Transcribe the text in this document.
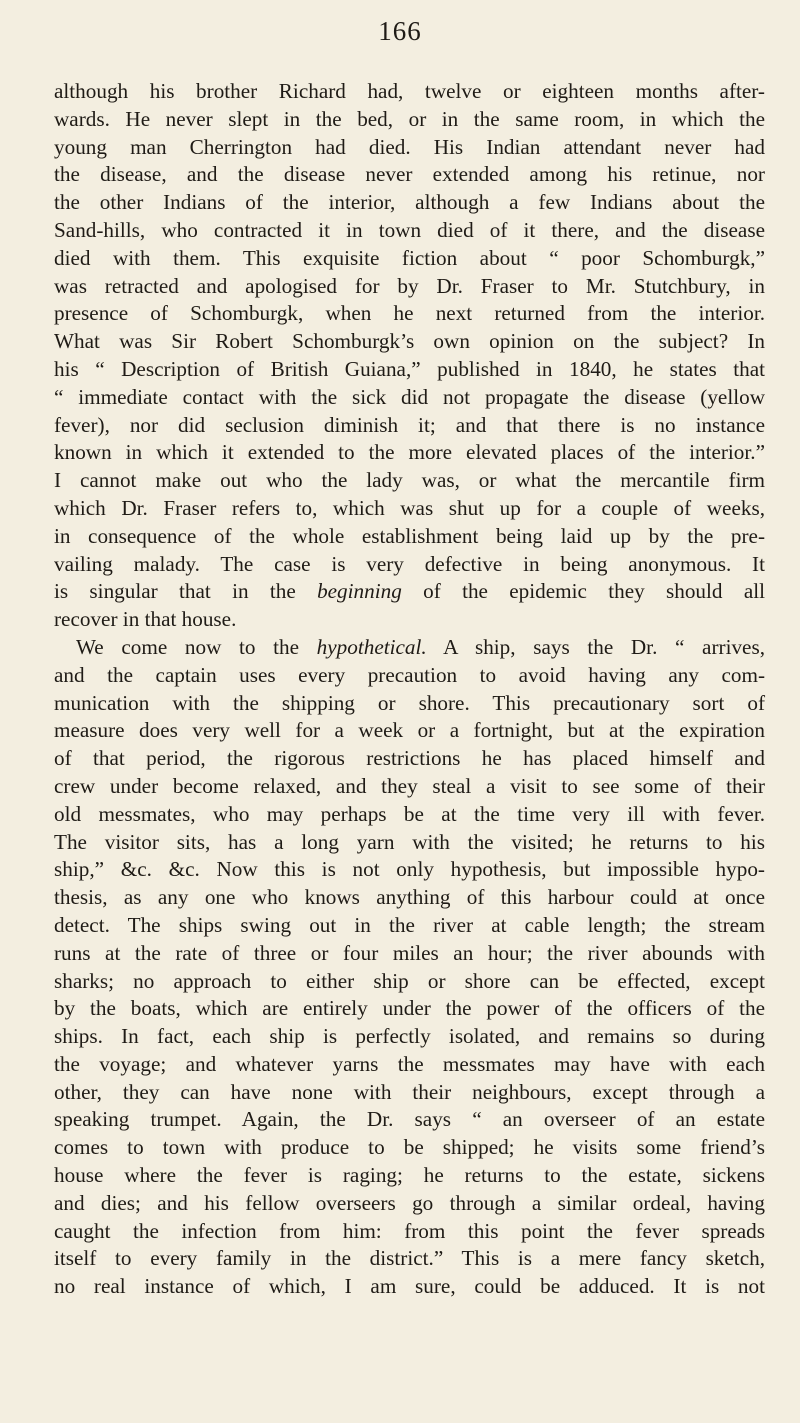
166
although his brother Richard had, twelve or eighteen months after-
wards. He never slept in the bed, or in the same room, in which the
young man Cherrington had died. His Indian attendant never had
the disease, and the disease never extended among his retinue, nor
the other Indians of the interior, although a few Indians about the
Sand-hills, who contracted it in town died of it there, and the disease
died with them. This exquisite fiction about “ poor Schomburgk,”
was retracted and apologised for by Dr. Fraser to Mr. Stutchbury, in
presence of Schomburgk, when he next returned from the interior.
What was Sir Robert Schomburgk’s own opinion on the subject? In
his “ Description of British Guiana,” published in 1840, he states that
“ immediate contact with the sick did not propagate the disease (yellow
fever), nor did seclusion diminish it; and that there is no instance
known in which it extended to the more elevated places of the interior.”
I cannot make out who the lady was, or what the mercantile firm
which Dr. Fraser refers to, which was shut up for a couple of weeks,
in consequence of the whole establishment being laid up by the pre-
vailing malady. The case is very defective in being anonymous. It
is singular that in the beginning of the epidemic they should all
recover in that house.
We come now to the hypothetical. A ship, says the Dr. “ arrives,
and the captain uses every precaution to avoid having any com-
munication with the shipping or shore. This precautionary sort of
measure does very well for a week or a fortnight, but at the expiration
of that period, the rigorous restrictions he has placed himself and
crew under become relaxed, and they steal a visit to see some of their
old messmates, who may perhaps be at the time very ill with fever.
The visitor sits, has a long yarn with the visited; he returns to his
ship,” &c. &c. Now this is not only hypothesis, but impossible hypo-
thesis, as any one who knows anything of this harbour could at once
detect. The ships swing out in the river at cable length; the stream
runs at the rate of three or four miles an hour; the river abounds with
sharks; no approach to either ship or shore can be effected, except
by the boats, which are entirely under the power of the officers of the
ships. In fact, each ship is perfectly isolated, and remains so during
the voyage; and whatever yarns the messmates may have with each
other, they can have none with their neighbours, except through a
speaking trumpet. Again, the Dr. says “ an overseer of an estate
comes to town with produce to be shipped; he visits some friend’s
house where the fever is raging; he returns to the estate, sickens
and dies; and his fellow overseers go through a similar ordeal, having
caught the infection from him: from this point the fever spreads
itself to every family in the district.” This is a mere fancy sketch,
no real instance of which, I am sure, could be adduced. It is not
